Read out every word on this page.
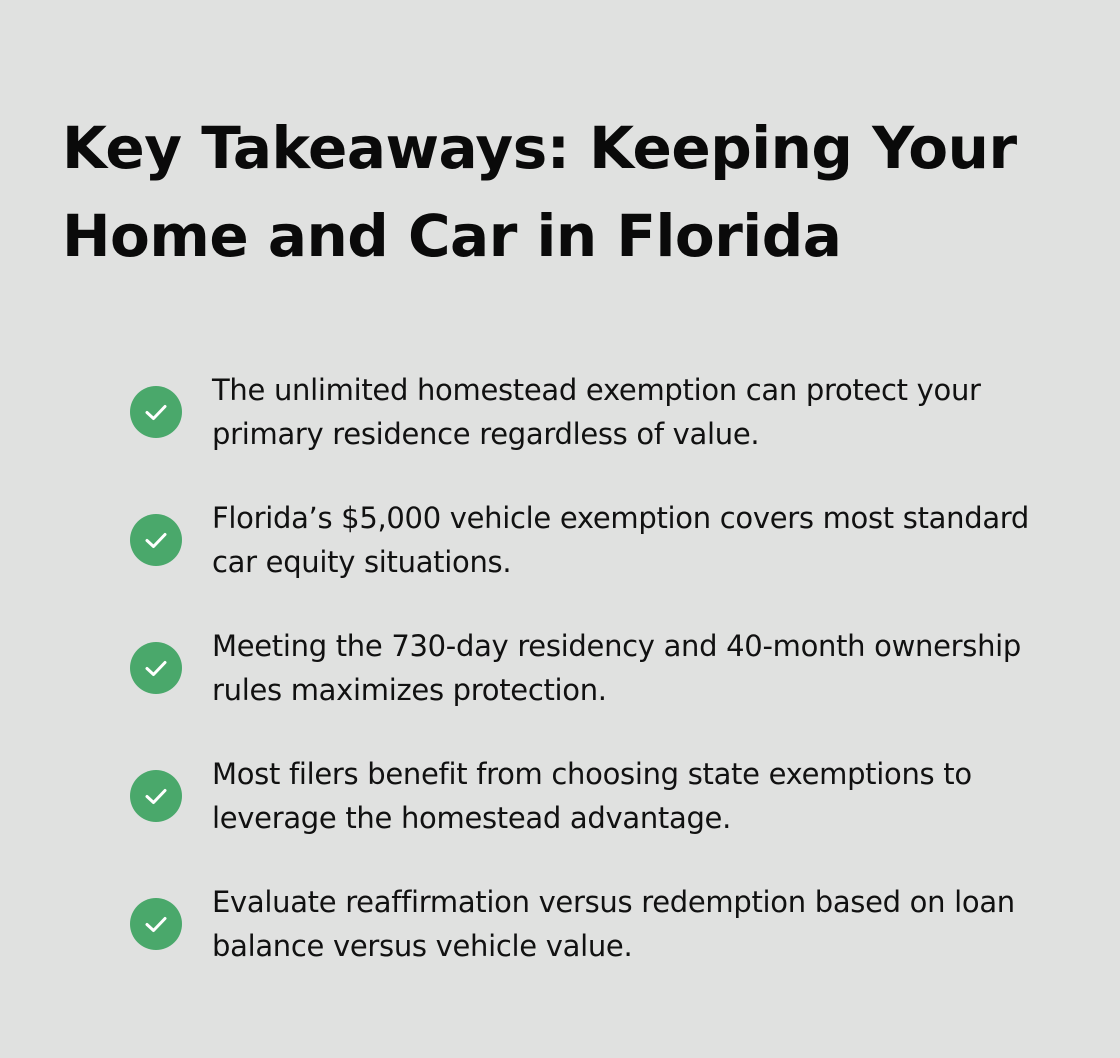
Key Takeaways: Keeping Your Home and Car in Florida

The unlimited homestead exemption can protect your primary residence regardless of value.

Florida’s $5,000 vehicle exemption covers most standard car equity situations.

Meeting the 730-day residency and 40-month ownership rules maximizes protection.

Most filers benefit from choosing state exemptions to leverage the homestead advantage.

Evaluate reaffirmation versus redemption based on loan balance versus vehicle value.
